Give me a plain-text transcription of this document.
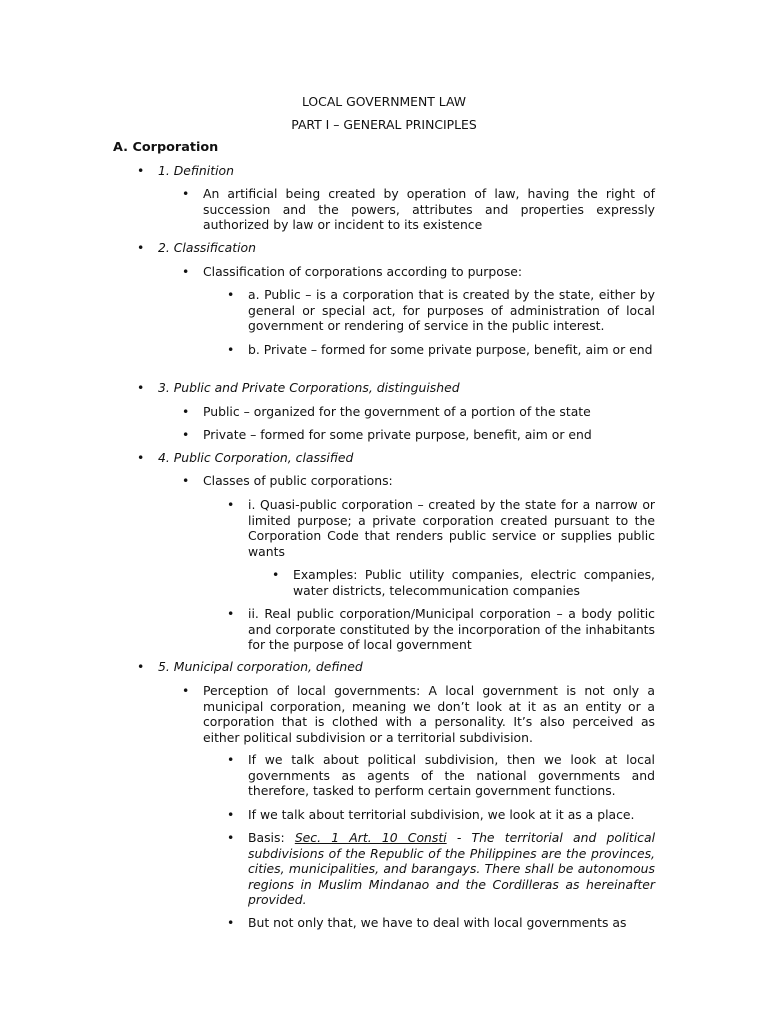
LOCAL GOVERNMENT LAW
PART I – GENERAL PRINCIPLES
A. Corporation
• 1. Definition
• An artificial being created by operation of law, having the right of succession and the powers, attributes and properties expressly authorized by law or incident to its existence
• 2. Classification
• Classification of corporations according to purpose:
• a. Public – is a corporation that is created by the state, either by general or special act, for purposes of administration of local government or rendering of service in the public interest.
• b. Private – formed for some private purpose, benefit, aim or end
• 3. Public and Private Corporations, distinguished
• Public – organized for the government of a portion of the state
• Private – formed for some private purpose, benefit, aim or end
• 4. Public Corporation, classified
• Classes of public corporations:
• i. Quasi-public corporation – created by the state for a narrow or limited purpose; a private corporation created pursuant to the Corporation Code that renders public service or supplies public wants
• Examples: Public utility companies, electric companies, water districts, telecommunication companies
• ii. Real public corporation/Municipal corporation – a body politic and corporate constituted by the incorporation of the inhabitants for the purpose of local government
• 5. Municipal corporation, defined
• Perception of local governments: A local government is not only a municipal corporation, meaning we don’t look at it as an entity or a corporation that is clothed with a personality. It’s also perceived as either political subdivision or a territorial subdivision.
• If we talk about political subdivision, then we look at local governments as agents of the national governments and therefore, tasked to perform certain government functions.
• If we talk about territorial subdivision, we look at it as a place.
• Basis: Sec. 1 Art. 10 Consti - The territorial and political subdivisions of the Republic of the Philippines are the provinces, cities, municipalities, and barangays. There shall be autonomous regions in Muslim Mindanao and the Cordilleras as hereinafter provided.
• But not only that, we have to deal with local governments as
